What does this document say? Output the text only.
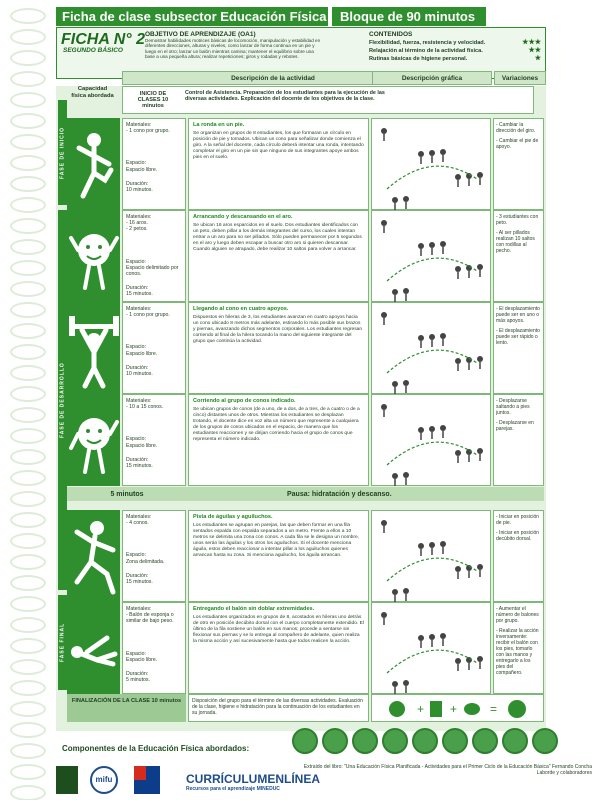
Ficha de clase subsector Educación Física	Bloque de 90 minutos
FICHA N° 2
SEGUNDO BÁSICO
OBJETIVO DE APRENDIZAJE (OA1)
Demostrar habilidades motrices básicas de locomoción, manipulación y estabilidad en diferentes direcciones, alturas y niveles, como lanzar de forma continua en un pie y luego en el otro; lanzar un balón mientras camina; mantener el equilibrio sobre una base a una pequeña altura; realizar repeticiones; giros y rodadas y rebotes.
CONTENIDOS
Flexibilidad, fuerza, resistencia y velocidad.	★★★
Relajación al término de la actividad física.	★★
Rutinas básicas de higiene personal.	★
Descripción de la actividad	Descripción gráfica	Variaciones
Capacidad física abordada	INICIO DE CLASES 10 minutos
Control de Asistencia. Preparación de los estudiantes para la ejecución de las diversas actividades. Explicación del docente de los objetivos de la clase.
FASE DE INICIO
FASE DE DESARROLLO
FASE FINAL
Materiales:
- 1 cono por grupo.
Espacio:
Espacio libre.
Duración:
10 minutos.
La ronda en un pie.
Se organizan en grupos de 8 estudiantes, los que formaran un círculo en posición de pie y tomados. Ubican un cono para señalizar donde comienza el giro. A la señal del docente, cada círculo deberá intentar una ronda, intentando completar el giro en un pie sin que ninguno de sus integrantes apoye ambos pies en el suelo.

- Cambiar la dirección del giro.

- Cambiar el pie de apoyo.

Materiales:
- 16 aros.
- 2 petos.
Espacio:
Espacio delimitado por conos.
Duración:
15 minutos.
Arrancando y descansando en el aro.
Se ubican 16 aros esparcidos en el suelo. Dos estudiantes identificados con un peto, deben pillar a los demás integrantes del curso, los cuales intentan entrar a un aro para no ser pillados. Sólo pueden permanecer por 5 segundos en el aro y luego deben escapar a buscar otro aro si quieren descansar. Cuando alguien se atrapado, debe realizar 10 saltos para volver a arrancar.

- 3 estudiantes con peto.

- Al ser pillados realizan 10 saltos con rodillas al pecho.

Materiales:
- 1 cono por grupo.
Espacio:
Espacio libre.
Duración:
10 minutos.
Llegando al cono en cuatro apoyos.
Dispuestos en hileras de 3, los estudiantes avanzan en cuatro apoyos hacia un cono ubicado 8 metros más adelante, estirando lo más posible sus brazos y piernas, avanzando dichos segmentos corporales. Los estudiantes regresan corriendo al final de la hilera tocando la mano del siguiente integrante del grupo que continúa la actividad.

- El desplazamiento puede ser en uno o más apoyos.

- El desplazamiento puede ser rápido o lento.

Materiales:
- 10 a 15 conos.
Espacio:
Espacio libre.
Duración:
15 minutos.
Corriendo al grupo de conos indicado.
Se ubican grupos de conos (de a uno, de a dos, de a tres, de a cuatro o de a cinco) distantes unos de otros. Mientras los estudiantes se desplazan trotando, el docente dice en voz alta un número que represente a cualquiera de los grupos de conos ubicados en el espacio, de manera que los estudiantes reaccionen y se dirijan corriendo hacia el grupo de conos que representa el número indicado.

- Desplazarse saltando a pies juntos.

- Desplazarse en parejas.

Materiales:
- 4 conos.
Espacio:
Zona delimitada.
Duración:
15 minutos.
Pista de águilas y aguiluchos.
Los estudiantes se agrupan en parejas, las que deben formar en una fila sentados espalda con espalda separados a un metro. Frente a ellos a 10 metros se delimita una zona con conos. A cada fila se le designa un nombre, unos serán las águilas y los otros los aguiluchos. Si el docente menciona águila, estos deben reaccionar a intentar pillar a los aguiluchos quienes arrancan hasta su zona. Si menciona aguilucho, los águila arrancan.

- Iniciar en posición de pie.

- Iniciar en posición decúbito dorsal.

Materiales:
- Balón de esponja o similar de bajo peso.
Espacio:
Espacio libre.
Duración:
5 minutos.
Entregando el balón sin doblar extremidades.
Los estudiantes organizados en grupos de 8, acostados en hileras uno detrás de otro en posición decúbito dorsal con el cuerpo completamente extendido. El último de la fila sostiene un balón en sus manos; procede a sentarse sin flexionar sus piernas y se lo entrega al compañero de adelante, quien realiza la misma acción y así sucesivamente hasta que todos realicen la acción.

- Aumentar el número de balones por grupo.

- Realizar la acción inversamente: recibir el balón con los pies, tomarlo con las manos y entregarlo a los pies del compañero.

5 minutos	Pausa: hidratación y descanso.
FINALIZACIÓN DE LA CLASE 10 minutos	Disposición del grupo para el término de las diversas actividades. Evaluación de la clase, higiene e hidratación para la continuación de los estudiantes en su jornada.	+ +	=
Componentes de la Educación Física abordados:
mifu	CURRÍCULUMENLÍNEA
Recursos para el aprendizaje MINEDUC
Extraído del libro: "Una Educación Física Planificada - Actividades para el Primer Ciclo de la Educación Básica" Fernando Concha Laborde y colaboradores
